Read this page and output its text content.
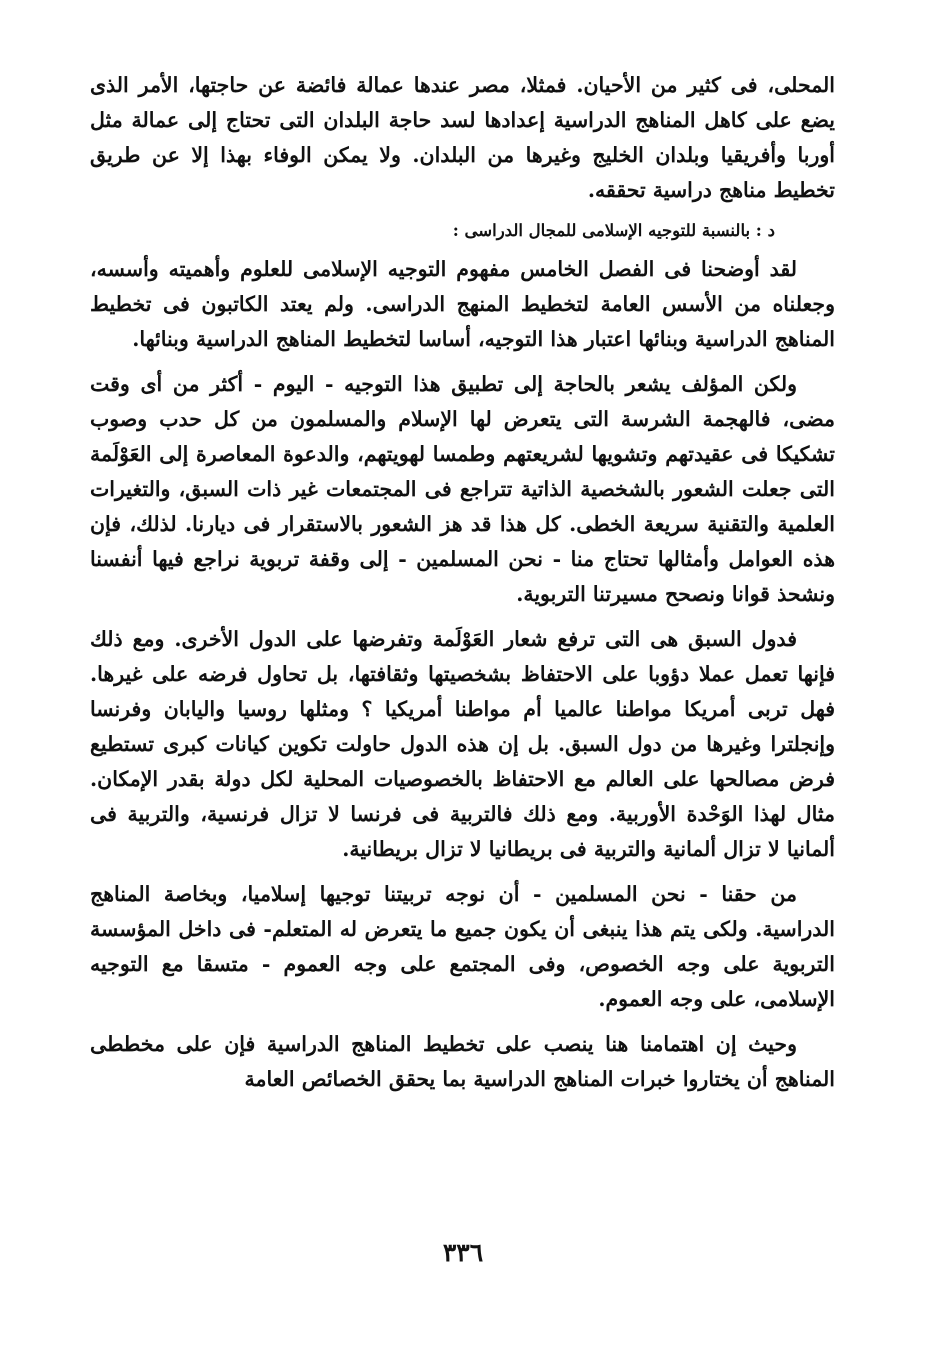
المحلى، فى كثير من الأحيان. فمثلا، مصر عندها عمالة فائضة عن حاجتها، الأمر الذى يضع على كاهل المناهج الدراسية إعدادها لسد حاجة البلدان التى تحتاج إلى عمالة مثل أوربا وأفريقيا وبلدان الخليج وغيرها من البلدان. ولا يمكن الوفاء بهذا إلا عن طريق تخطيط مناهج دراسية تحققه.

د : بالنسبة للتوجيه الإسلامى للمجال الدراسى :

لقد أوضحنا فى الفصل الخامس مفهوم التوجيه الإسلامى للعلوم وأهميته وأسسه، وجعلناه من الأسس العامة لتخطيط المنهج الدراسى. ولم يعتد الكاتبون فى تخطيط المناهج الدراسية وبنائها اعتبار هذا التوجيه، أساسا لتخطيط المناهج الدراسية وبنائها.

ولكن المؤلف يشعر بالحاجة إلى تطبيق هذا التوجيه - اليوم - أكثر من أى وقت مضى، فالهجمة الشرسة التى يتعرض لها الإسلام والمسلمون من كل حدب وصوب تشكيكا فى عقيدتهم وتشويها لشريعتهم وطمسا لهويتهم، والدعوة المعاصرة إلى العَوْلَمة التى جعلت الشعور بالشخصية الذاتية تتراجع فى المجتمعات غير ذات السبق، والتغيرات العلمية والتقنية سريعة الخطى. كل هذا قد هز الشعور بالاستقرار فى ديارنا. لذلك، فإن هذه العوامل وأمثالها تحتاج منا - نحن المسلمين - إلى وقفة تربوية نراجع فيها أنفسنا ونشحذ قوانا ونصحح مسيرتنا التربوية.

فدول السبق هى التى ترفع شعار العَوْلَمة وتفرضها على الدول الأخرى. ومع ذلك فإنها تعمل عملا دؤوبا على الاحتفاظ بشخصيتها وثقافتها، بل تحاول فرضه على غيرها. فهل تربى أمريكا مواطنا عالميا أم مواطنا أمريكيا ؟ ومثلها روسيا واليابان وفرنسا وإنجلترا وغيرها من دول السبق. بل إن هذه الدول حاولت تكوين كيانات كبرى تستطيع فرض مصالحها على العالم مع الاحتفاظ بالخصوصيات المحلية لكل دولة بقدر الإمكان. مثال لهذا الوَحْدة الأوربية. ومع ذلك فالتربية فى فرنسا لا تزال فرنسية، والتربية فى ألمانيا لا تزال ألمانية والتربية فى بريطانيا لا تزال بريطانية.

من حقنا - نحن المسلمين - أن نوجه تربيتنا توجيها إسلاميا، وبخاصة المناهج الدراسية. ولكى يتم هذا ينبغى أن يكون جميع ما يتعرض له المتعلم- فى داخل المؤسسة التربوية على وجه الخصوص، وفى المجتمع على وجه العموم - متسقا مع التوجيه الإسلامى، على وجه العموم.

وحيث إن اهتمامنا هنا ينصب على تخطيط المناهج الدراسية فإن على مخططى المناهج أن يختاروا خبرات المناهج الدراسية بما يحقق الخصائص العامة

٣٣٦
